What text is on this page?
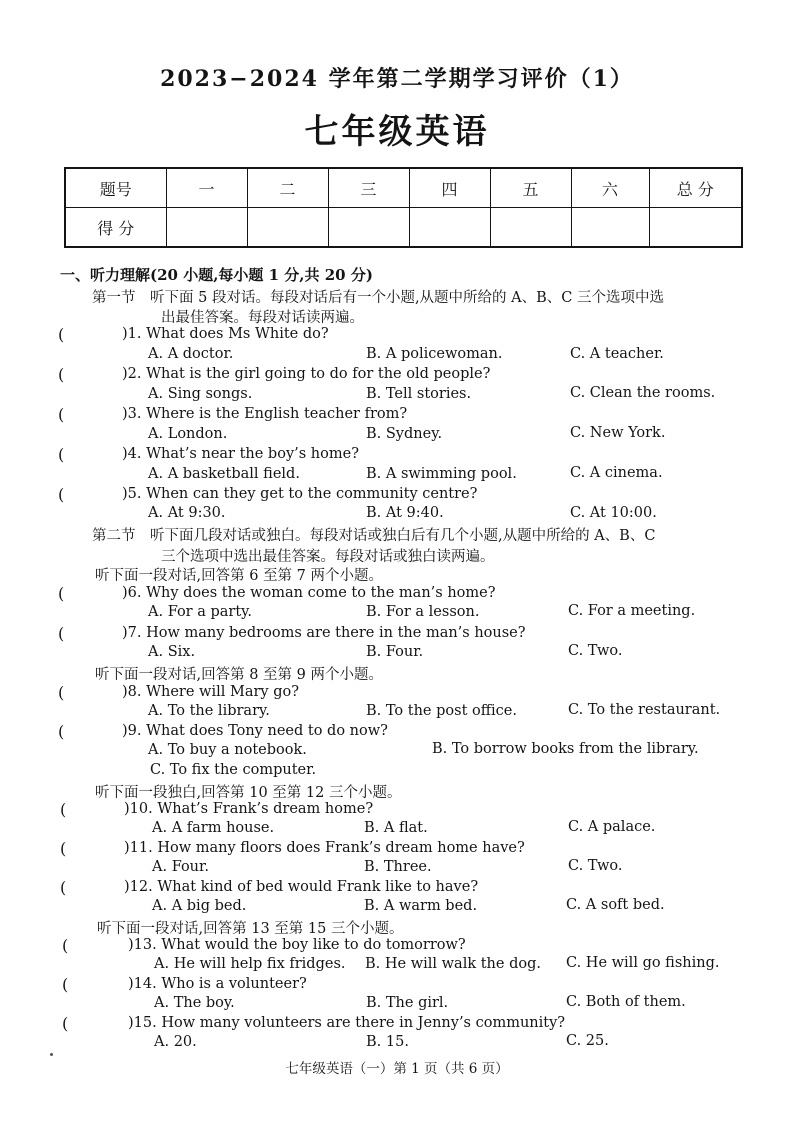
2023−2024 学年第二学期学习评价（1）
七年级英语
题号	一	二	三	四	五	六	总 分
得 分							
一、听力理解(20 小题,每小题 1 分,共 20 分)
第一节　听下面 5 段对话。每段对话后有一个小题,从题中所给的 A、B、C 三个选项中选
出最佳答案。每段对话读两遍。
(	)1. What does Ms White do?
A. A doctor.	B. A policewoman.	C. A teacher.
(	)2. What is the girl going to do for the old people?
A. Sing songs.	B. Tell stories.	C. Clean the rooms.
(	)3. Where is the English teacher from?
A. London.	B. Sydney.	C. New York.
(	)4. What’s near the boy’s home?
A. A basketball field.	B. A swimming pool.	C. A cinema.
(	)5. When can they get to the community centre?
A. At 9:30.	B. At 9:40.	C. At 10:00.
第二节　听下面几段对话或独白。每段对话或独白后有几个小题,从题中所给的 A、B、C
三个选项中选出最佳答案。每段对话或独白读两遍。
听下面一段对话,回答第 6 至第 7 两个小题。
(	)6. Why does the woman come to the man’s home?
A. For a party.	B. For a lesson.	C. For a meeting.
(	)7. How many bedrooms are there in the man’s house?
A. Six.	B. Four.	C. Two.
听下面一段对话,回答第 8 至第 9 两个小题。
(	)8. Where will Mary go?
A. To the library.	B. To the post office.	C. To the restaurant.
(	)9. What does Tony need to do now?
A. To buy a notebook.	B. To borrow books from the library.
C. To fix the computer.
听下面一段独白,回答第 10 至第 12 三个小题。
(	)10. What’s Frank’s dream home?
A. A farm house.	B. A flat.	C. A palace.
(	)11. How many floors does Frank’s dream home have?
A. Four.	B. Three.	C. Two.
(	)12. What kind of bed would Frank like to have?
A. A big bed.	B. A warm bed.	C. A soft bed.
听下面一段对话,回答第 13 至第 15 三个小题。
(	)13. What would the boy like to do tomorrow?
A. He will help fix fridges. B. He will walk the dog. C. He will go fishing.
(	)14. Who is a volunteer?
A. The boy.	B. The girl.	C. Both of them.
(	)15. How many volunteers are there in Jenny’s community?
A. 20.	B. 15.	C. 25.
七年级英语（一）第 1 页（共 6 页）
